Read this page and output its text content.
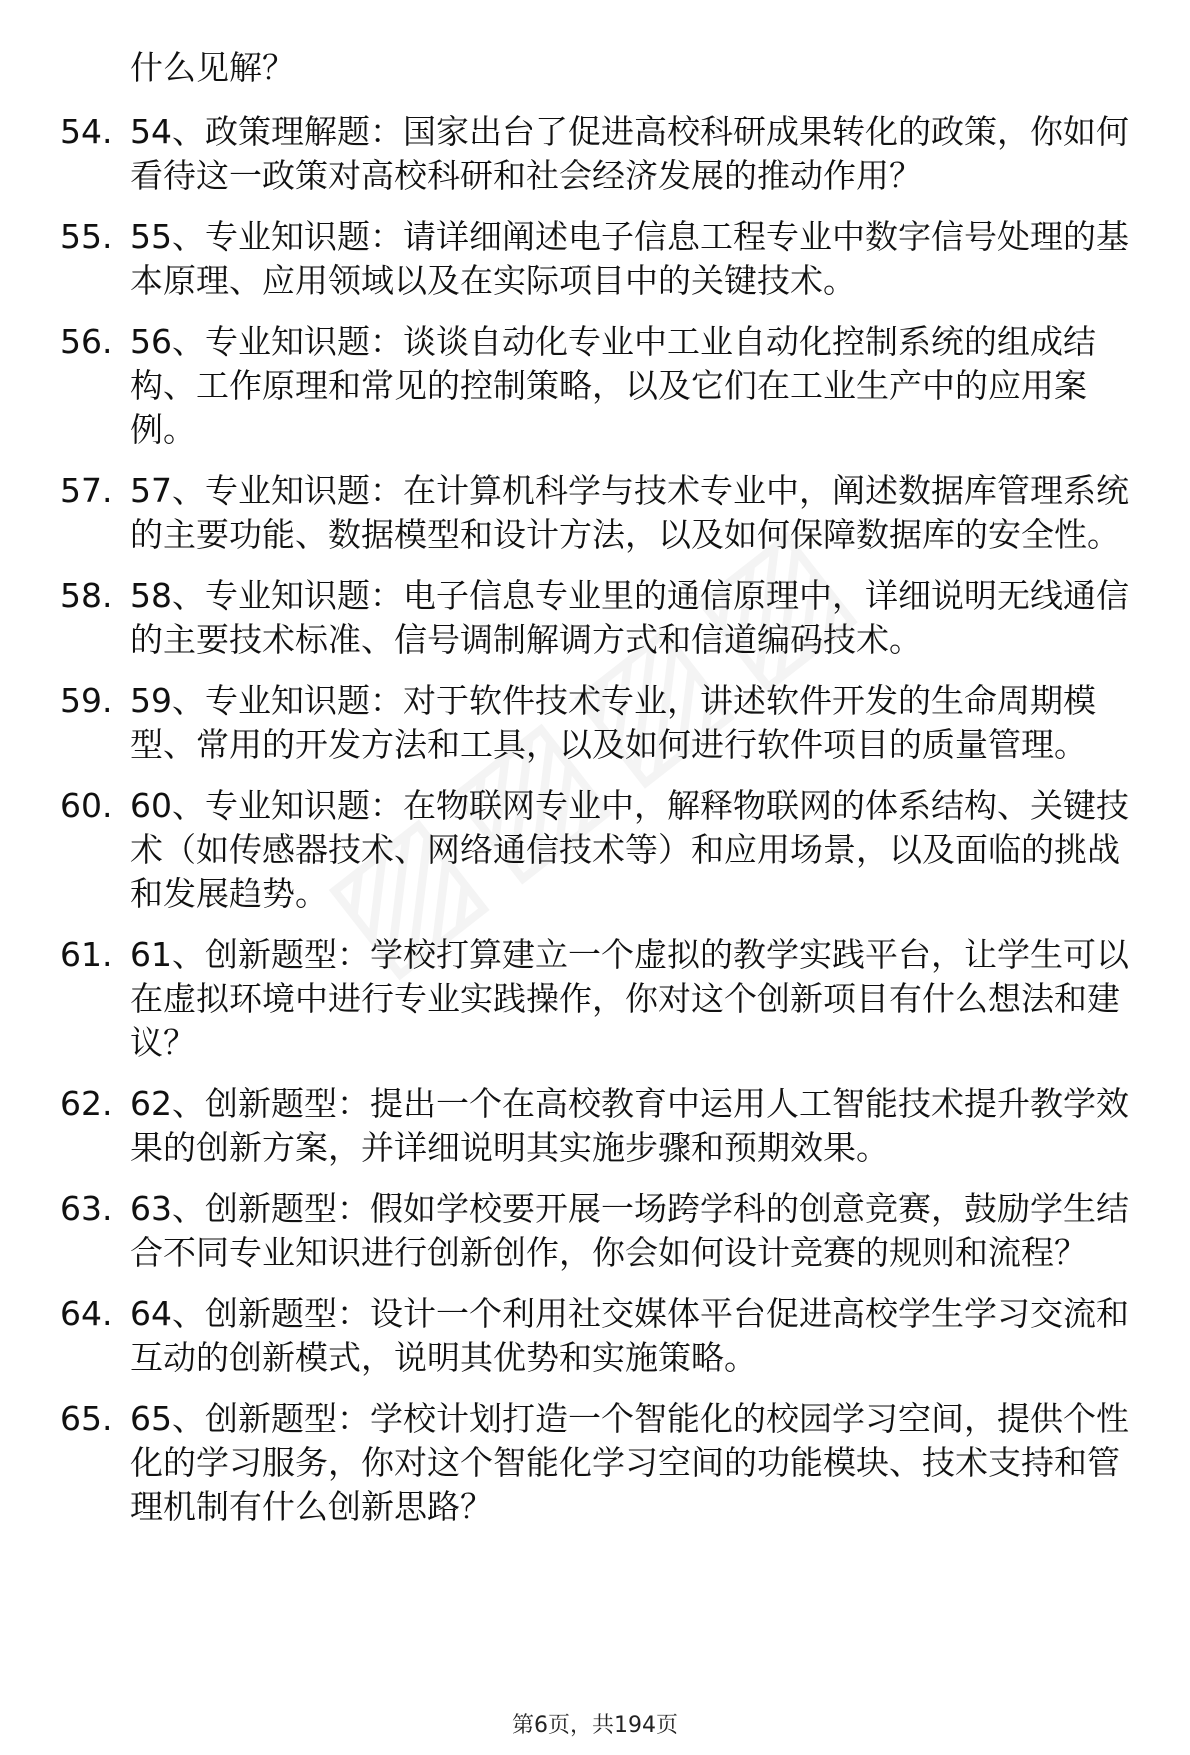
什么见解？
54. 54、政策理解题：国家出台了促进高校科研成果转化的政策，你如何看待这一政策对高校科研和社会经济发展的推动作用？
55. 55、专业知识题：请详细阐述电子信息工程专业中数字信号处理的基本原理、应用领域以及在实际项目中的关键技术。
56. 56、专业知识题：谈谈自动化专业中工业自动化控制系统的组成结构、工作原理和常见的控制策略，以及它们在工业生产中的应用案例。
57. 57、专业知识题：在计算机科学与技术专业中，阐述数据库管理系统的主要功能、数据模型和设计方法，以及如何保障数据库的安全性。
58. 58、专业知识题：电子信息专业里的通信原理中，详细说明无线通信的主要技术标准、信号调制解调方式和信道编码技术。
59. 59、专业知识题：对于软件技术专业，讲述软件开发的生命周期模型、常用的开发方法和工具，以及如何进行软件项目的质量管理。
60. 60、专业知识题：在物联网专业中，解释物联网的体系结构、关键技术（如传感器技术、网络通信技术等）和应用场景，以及面临的挑战和发展趋势。
61. 61、创新题型：学校打算建立一个虚拟的教学实践平台，让学生可以在虚拟环境中进行专业实践操作，你对这个创新项目有什么想法和建议？
62. 62、创新题型：提出一个在高校教育中运用人工智能技术提升教学效果的创新方案，并详细说明其实施步骤和预期效果。
63. 63、创新题型：假如学校要开展一场跨学科的创意竞赛，鼓励学生结合不同专业知识进行创新创作，你会如何设计竞赛的规则和流程？
64. 64、创新题型：设计一个利用社交媒体平台促进高校学生学习交流和互动的创新模式，说明其优势和实施策略。
65. 65、创新题型：学校计划打造一个智能化的校园学习空间，提供个性化的学习服务，你对这个智能化学习空间的功能模块、技术支持和管理机制有什么创新思路？
第6页，共194页
